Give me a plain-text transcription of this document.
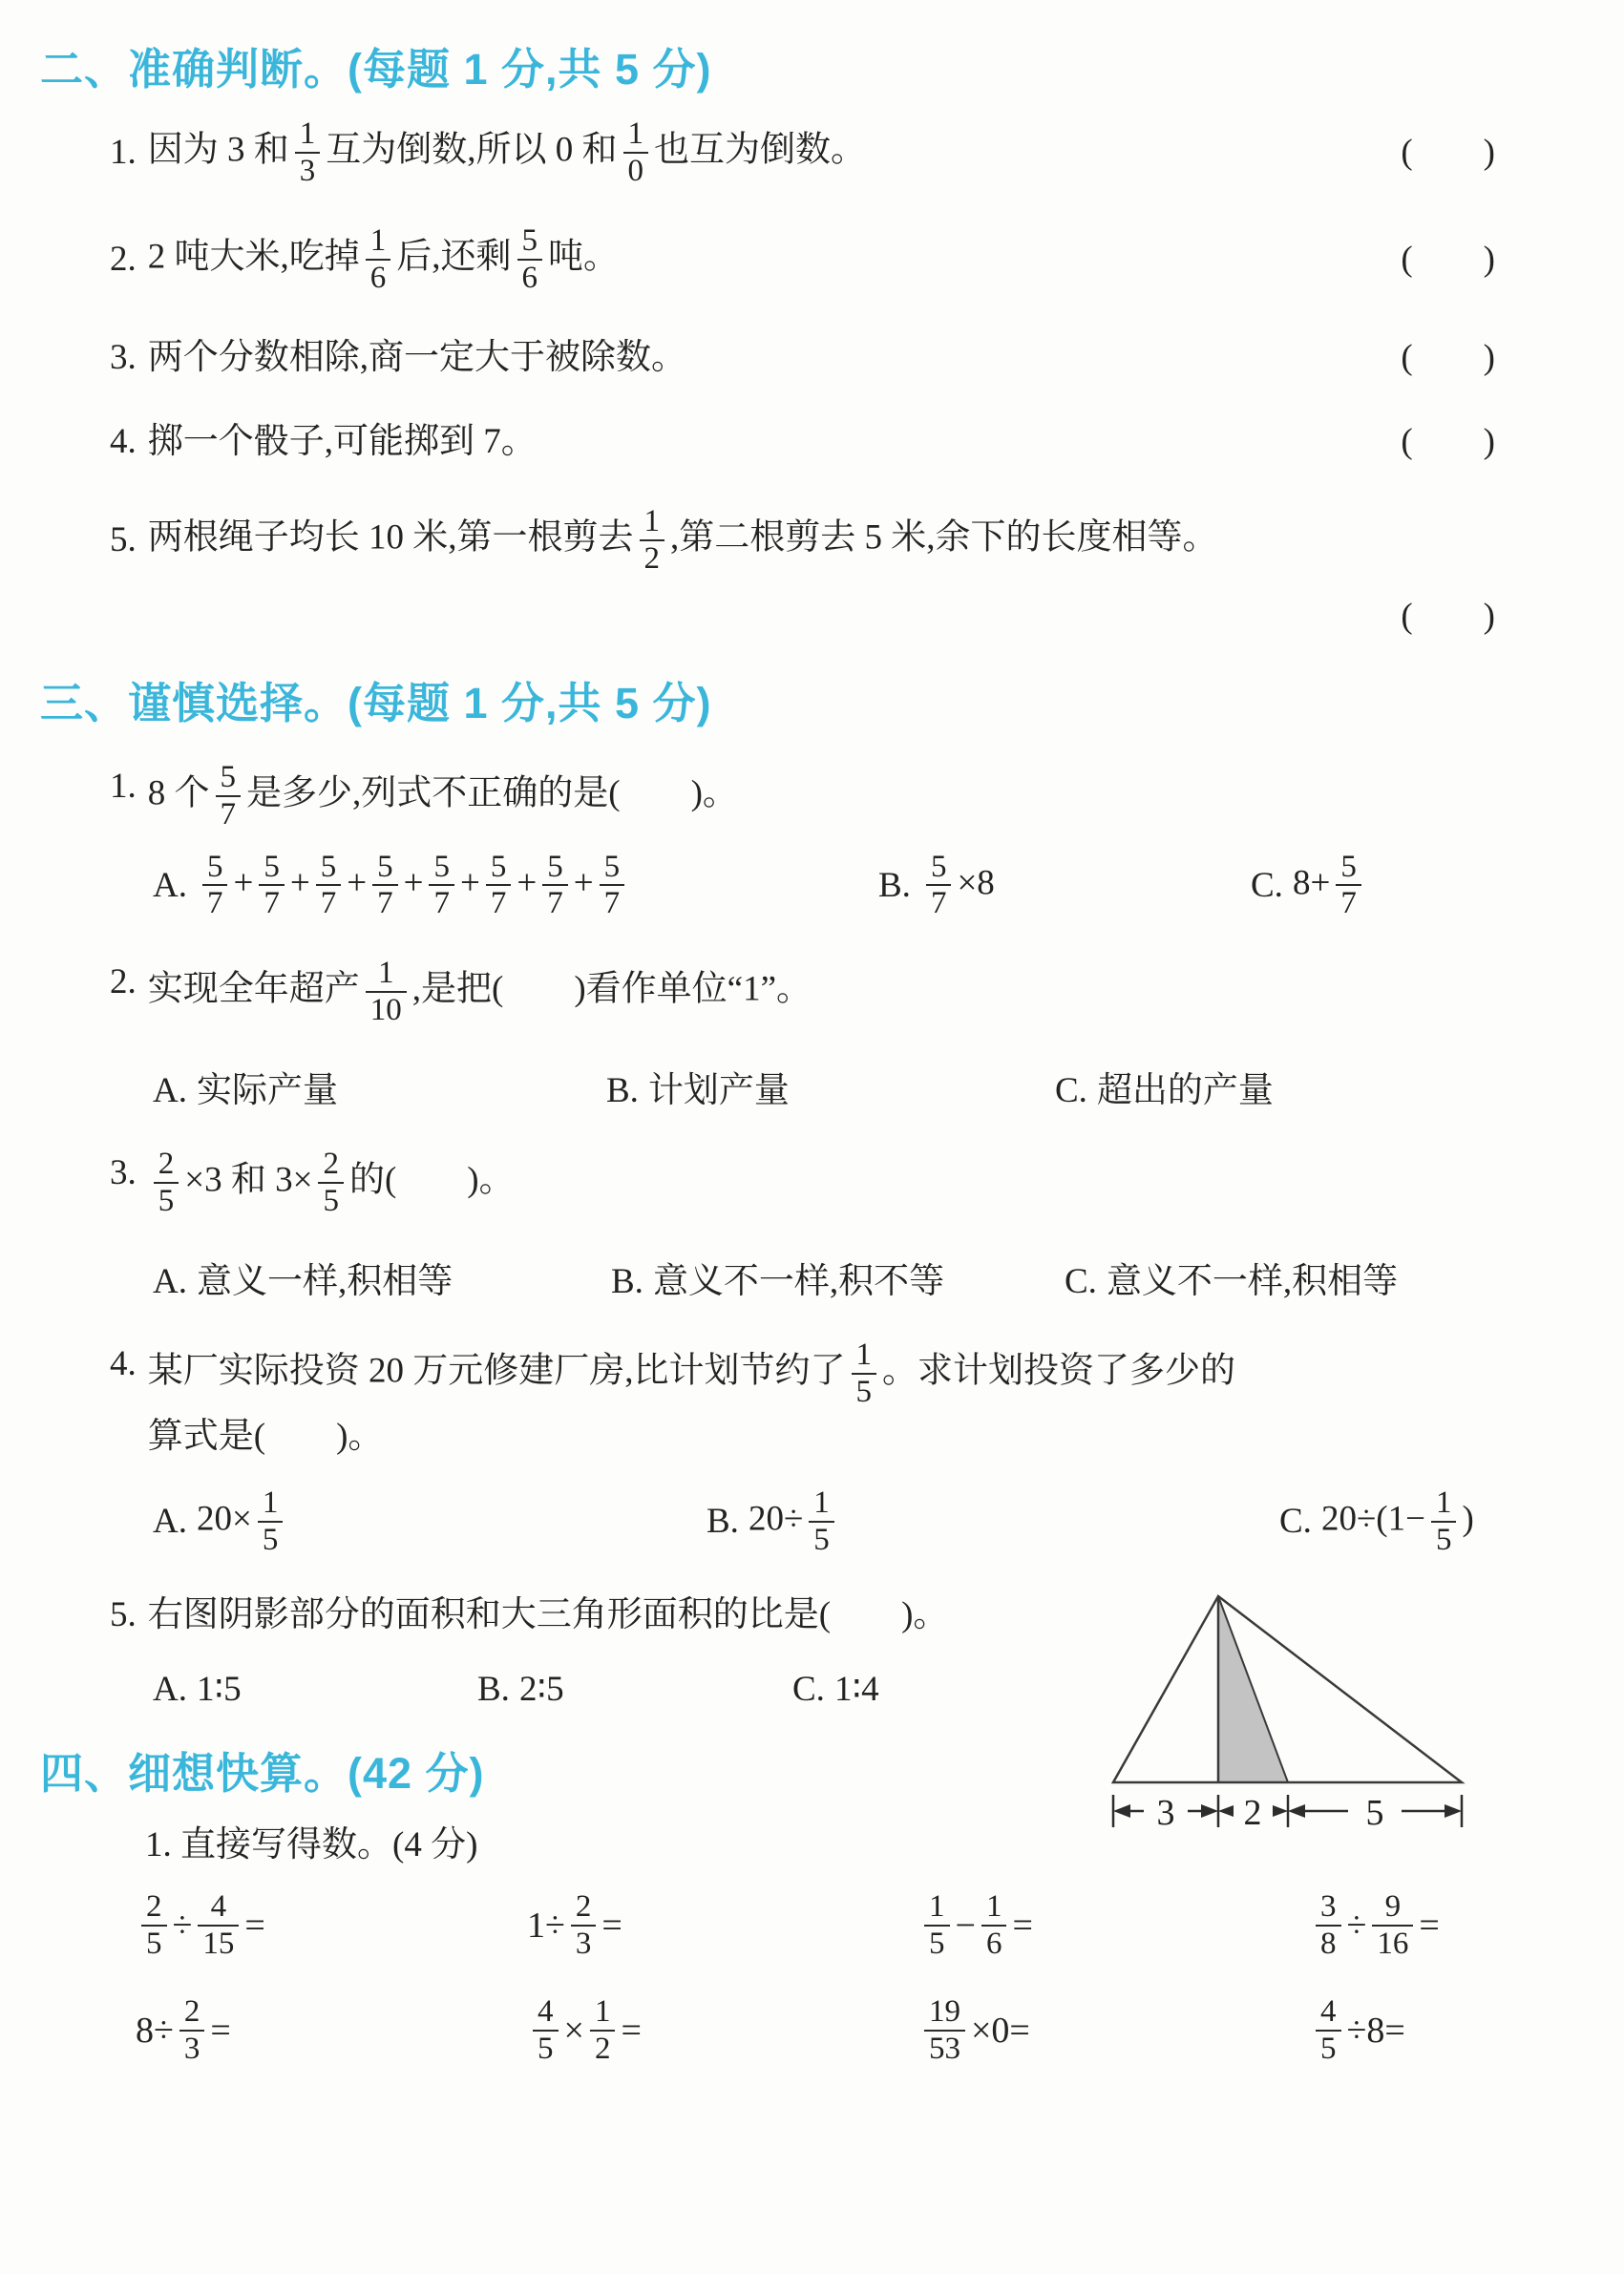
二、准确判断。(每题 1 分,共 5 分)
1. 因为 3 和 $\frac{1}{3}$ 互为倒数,所以 0 和 $\frac{1}{0}$ 也互为倒数。	(　　)
2. 2 吨大米,吃掉 $\frac{1}{6}$ 后,还剩 $\frac{5}{6}$ 吨。	(　　)
3. 两个分数相除,商一定大于被除数。	(　　)
4. 掷一个骰子,可能掷到 7。	(　　)
5. 两根绳子均长 10 米,第一根剪去 $\frac{1}{2}$ ,第二根剪去 5 米,余下的长度相等。
(　　)
三、谨慎选择。(每题 1 分,共 5 分)
1. 8 个 $\frac{5}{7}$ 是多少,列式不正确的是(　　)。
A. $\frac{5}{7} + \frac{5}{7} + \frac{5}{7} + \frac{5}{7} + \frac{5}{7} + \frac{5}{7} + \frac{5}{7} + \frac{5}{7}$	B. $\frac{5}{7} \times 8$	C. $8+ \frac{5}{7}$
2. 实现全年超产 $\frac{1}{10}$ ,是把(　　)看作单位“1”。
A. 实际产量	B. 计划产量	C. 超出的产量
3. $\frac{2}{5} \times 3$ 和 $3\times \frac{2}{5}$ 的(　　)。
A. 意义一样,积相等	B. 意义不一样,积不等	C. 意义不一样,积相等
4. 某厂实际投资 20 万元修建厂房,比计划节约了 $\frac{1}{5}$ 。求计划投资了多少的
算式是(　　)。
A. $20\times \frac{1}{5}$	B. $20\div \frac{1}{5}$	C. $20\div(1- \frac{1}{5}$ )
5. 右图阴影部分的面积和大三角形面积的比是(　　)。
A. 1∶5	B. 2∶5	C. 1∶4
3 2	5
四、细想快算。(42 分)
1. 直接写得数。(4 分)
$\frac{2}{5} \div \frac{4}{15}$ =	$1\div \frac{2}{3}$ =	$\frac{1}{5} - \frac{1}{6}$ =	$\frac{3}{8} \div \frac{9}{16}$ =
$8\div \frac{2}{3}$ =	$\frac{4}{5} \times \frac{1}{2}$ =	$\frac{19}{53} \times 0=$	$\frac{4}{5} \div 8=$
